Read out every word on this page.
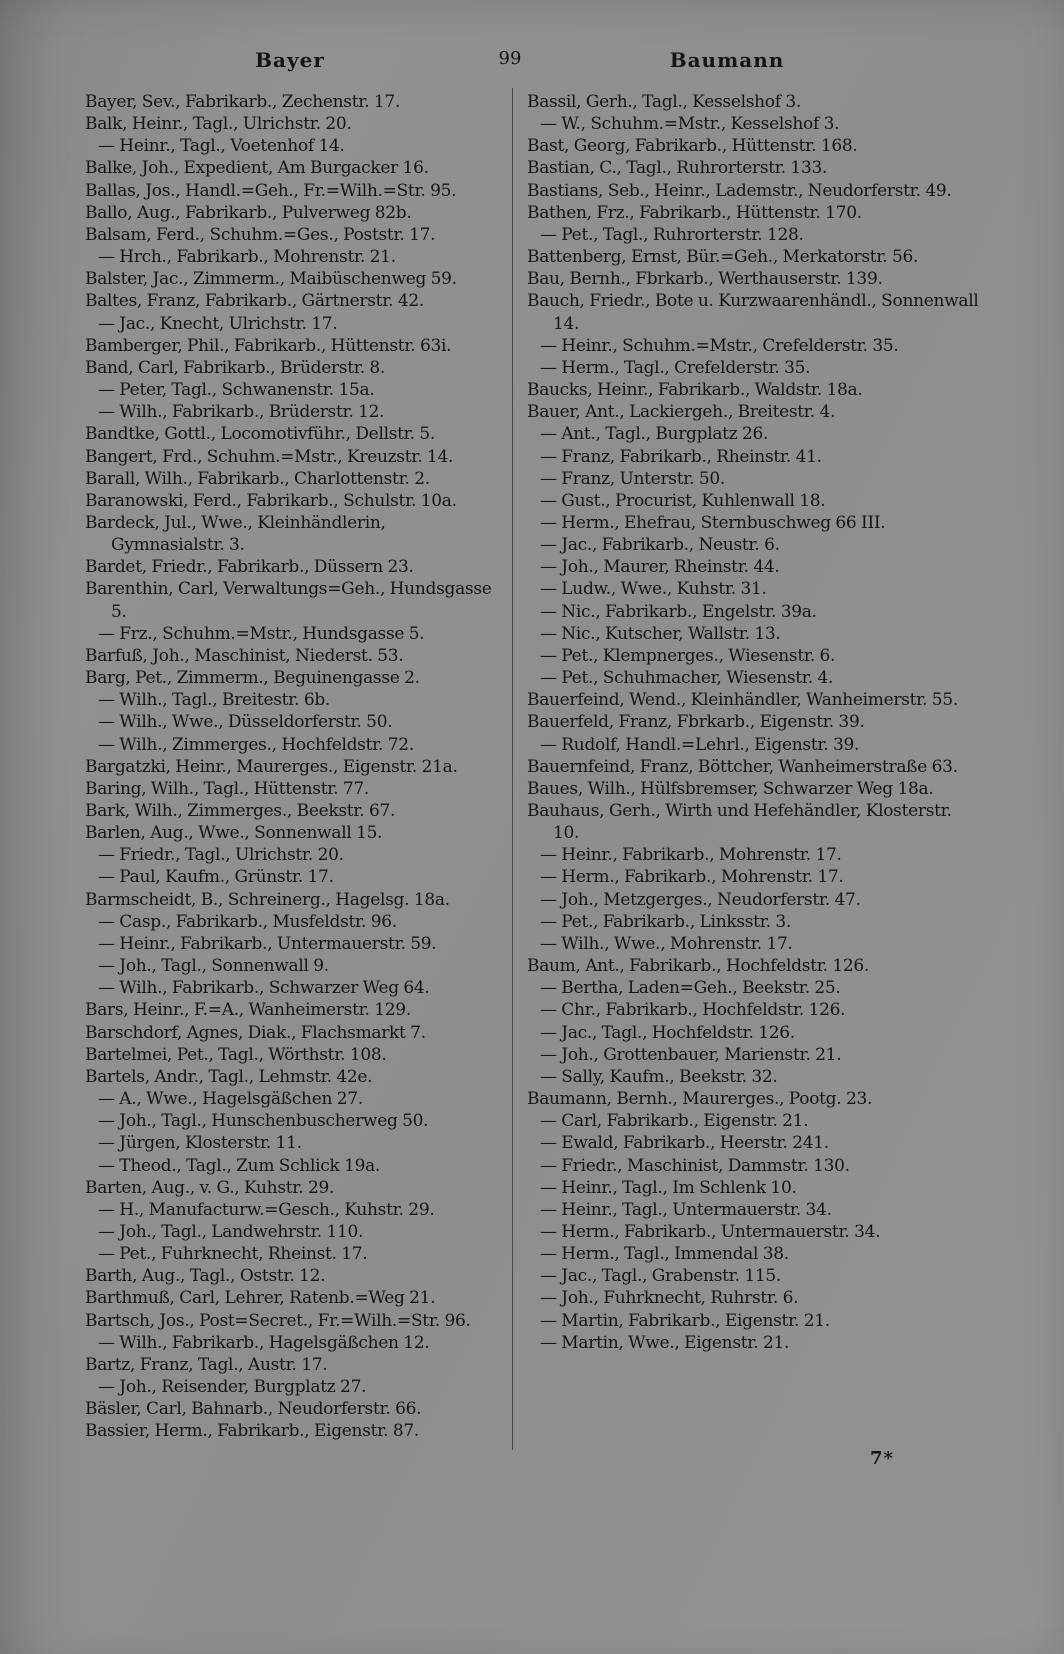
Bayer	99	Baumann

Bayer, Sev., Fabrikarb., Zechenstr. 17.

Balk, Heinr., Tagl., Ulrichstr. 20.

— Heinr., Tagl., Voetenhof 14.

Balke, Joh., Expedient, Am Burgacker 16.

Ballas, Jos., Handl.=Geh., Fr.=Wilh.=Str. 95.

Ballo, Aug., Fabrikarb., Pulverweg 82b.

Balsam, Ferd., Schuhm.=Ges., Poststr. 17.

— Hrch., Fabrikarb., Mohrenstr. 21.

Balster, Jac., Zimmerm., Maibüschenweg 59.

Baltes, Franz, Fabrikarb., Gärtnerstr. 42.

— Jac., Knecht, Ulrichstr. 17.

Bamberger, Phil., Fabrikarb., Hüttenstr. 63i.

Band, Carl, Fabrikarb., Brüderstr. 8.

— Peter, Tagl., Schwanenstr. 15a.

— Wilh., Fabrikarb., Brüderstr. 12.

Bandtke, Gottl., Locomotivführ., Dellstr. 5.

Bangert, Frd., Schuhm.=Mstr., Kreuzstr. 14.

Barall, Wilh., Fabrikarb., Charlottenstr. 2.

Baranowski, Ferd., Fabrikarb., Schulstr. 10a.

Bardeck, Jul., Wwe., Kleinhändlerin, Gymnasialstr. 3.

Bardet, Friedr., Fabrikarb., Düssern 23.

Barenthin, Carl, Verwaltungs=Geh., Hundsgasse 5.

— Frz., Schuhm.=Mstr., Hundsgasse 5.

Barfuß, Joh., Maschinist, Niederst. 53.

Barg, Pet., Zimmerm., Beguinengasse 2.

— Wilh., Tagl., Breitestr. 6b.

— Wilh., Wwe., Düsseldorferstr. 50.

— Wilh., Zimmerges., Hochfeldstr. 72.

Bargatzki, Heinr., Maurerges., Eigenstr. 21a.

Baring, Wilh., Tagl., Hüttenstr. 77.

Bark, Wilh., Zimmerges., Beekstr. 67.

Barlen, Aug., Wwe., Sonnenwall 15.

— Friedr., Tagl., Ulrichstr. 20.

— Paul, Kaufm., Grünstr. 17.

Barmscheidt, B., Schreinerg., Hagelsg. 18a.

— Casp., Fabrikarb., Musfeldstr. 96.

— Heinr., Fabrikarb., Untermauerstr. 59.

— Joh., Tagl., Sonnenwall 9.

— Wilh., Fabrikarb., Schwarzer Weg 64.

Bars, Heinr., F.=A., Wanheimerstr. 129.

Barschdorf, Agnes, Diak., Flachsmarkt 7.

Bartelmei, Pet., Tagl., Wörthstr. 108.

Bartels, Andr., Tagl., Lehmstr. 42e.

— A., Wwe., Hagelsgäßchen 27.

— Joh., Tagl., Hunschenbuscherweg 50.

— Jürgen, Klosterstr. 11.

— Theod., Tagl., Zum Schlick 19a.

Barten, Aug., v. G., Kuhstr. 29.

— H., Manufacturw.=Gesch., Kuhstr. 29.

— Joh., Tagl., Landwehrstr. 110.

— Pet., Fuhrknecht, Rheinst. 17.

Barth, Aug., Tagl., Oststr. 12.

Barthmuß, Carl, Lehrer, Ratenb.=Weg 21.

Bartsch, Jos., Post=Secret., Fr.=Wilh.=Str. 96.

— Wilh., Fabrikarb., Hagelsgäßchen 12.

Bartz, Franz, Tagl., Austr. 17.

— Joh., Reisender, Burgplatz 27.

Bäsler, Carl, Bahnarb., Neudorferstr. 66.

Bassier, Herm., Fabrikarb., Eigenstr. 87.

Bassil, Gerh., Tagl., Kesselshof 3.

— W., Schuhm.=Mstr., Kesselshof 3.

Bast, Georg, Fabrikarb., Hüttenstr. 168.

Bastian, C., Tagl., Ruhrorterstr. 133.

Bastians, Seb., Heinr., Lademstr., Neudorferstr. 49.

Bathen, Frz., Fabrikarb., Hüttenstr. 170.

— Pet., Tagl., Ruhrorterstr. 128.

Battenberg, Ernst, Bür.=Geh., Merkatorstr. 56.

Bau, Bernh., Fbrkarb., Werthauserstr. 139.

Bauch, Friedr., Bote u. Kurzwaarenhändl., Sonnenwall 14.

— Heinr., Schuhm.=Mstr., Crefelderstr. 35.

— Herm., Tagl., Crefelderstr. 35.

Baucks, Heinr., Fabrikarb., Waldstr. 18a.

Bauer, Ant., Lackiergeh., Breitestr. 4.

— Ant., Tagl., Burgplatz 26.

— Franz, Fabrikarb., Rheinstr. 41.

— Franz, Unterstr. 50.

— Gust., Procurist, Kuhlenwall 18.

— Herm., Ehefrau, Sternbuschweg 66 III.

— Jac., Fabrikarb., Neustr. 6.

— Joh., Maurer, Rheinstr. 44.

— Ludw., Wwe., Kuhstr. 31.

— Nic., Fabrikarb., Engelstr. 39a.

— Nic., Kutscher, Wallstr. 13.

— Pet., Klempnerges., Wiesenstr. 6.

— Pet., Schuhmacher, Wiesenstr. 4.

Bauerfeind, Wend., Kleinhändler, Wanheimerstr. 55.

Bauerfeld, Franz, Fbrkarb., Eigenstr. 39.

— Rudolf, Handl.=Lehrl., Eigenstr. 39.

Bauernfeind, Franz, Böttcher, Wanheimerstraße 63.

Baues, Wilh., Hülfsbremser, Schwarzer Weg 18a.

Bauhaus, Gerh., Wirth und Hefehändler, Klosterstr. 10.

— Heinr., Fabrikarb., Mohrenstr. 17.

— Herm., Fabrikarb., Mohrenstr. 17.

— Joh., Metzgerges., Neudorferstr. 47.

— Pet., Fabrikarb., Linksstr. 3.

— Wilh., Wwe., Mohrenstr. 17.

Baum, Ant., Fabrikarb., Hochfeldstr. 126.

— Bertha, Laden=Geh., Beekstr. 25.

— Chr., Fabrikarb., Hochfeldstr. 126.

— Jac., Tagl., Hochfeldstr. 126.

— Joh., Grottenbauer, Marienstr. 21.

— Sally, Kaufm., Beekstr. 32.

Baumann, Bernh., Maurerges., Pootg. 23.

— Carl, Fabrikarb., Eigenstr. 21.

— Ewald, Fabrikarb., Heerstr. 241.

— Friedr., Maschinist, Dammstr. 130.

— Heinr., Tagl., Im Schlenk 10.

— Heinr., Tagl., Untermauerstr. 34.

— Herm., Fabrikarb., Untermauerstr. 34.

— Herm., Tagl., Immendal 38.

— Jac., Tagl., Grabenstr. 115.

— Joh., Fuhrknecht, Ruhrstr. 6.

— Martin, Fabrikarb., Eigenstr. 21.

— Martin, Wwe., Eigenstr. 21.

7*
